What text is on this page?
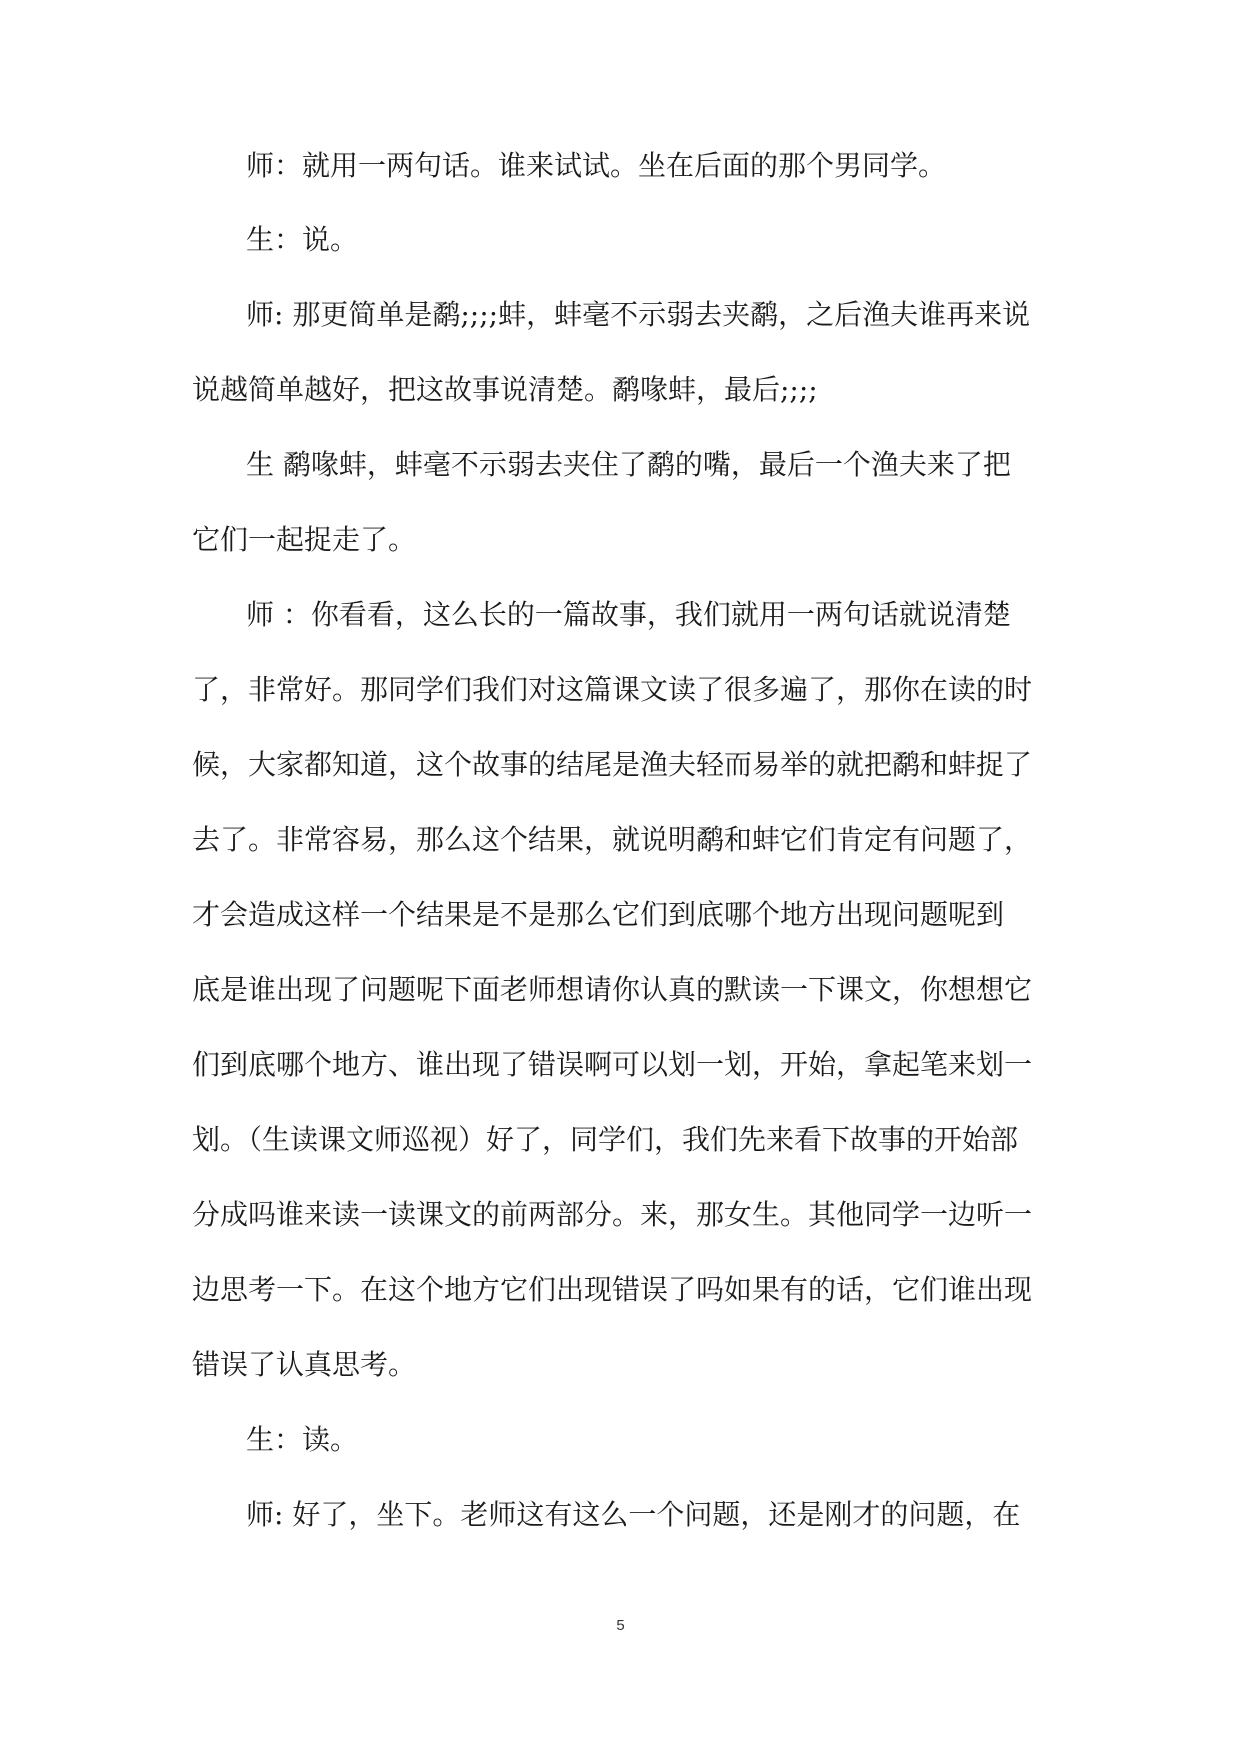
师：就用一两句话。谁来试试。坐在后面的那个男同学。
生：说。
师: 那更简单是鹬;;;;蚌，蚌毫不示弱去夹鹬，之后渔夫谁再来说
说越简单越好，把这故事说清楚。鹬喙蚌，最后;;;;
生 鹬喙蚌，蚌毫不示弱去夹住了鹬的嘴，最后一个渔夫来了把
它们一起捉走了。
师 ：你看看，这么长的一篇故事，我们就用一两句话就说清楚
了，非常好。那同学们我们对这篇课文读了很多遍了，那你在读的时
候，大家都知道，这个故事的结尾是渔夫轻而易举的就把鹬和蚌捉了
去了。非常容易，那么这个结果，就说明鹬和蚌它们肯定有问题了，
才会造成这样一个结果是不是那么它们到底哪个地方出现问题呢到
底是谁出现了问题呢下面老师想请你认真的默读一下课文，你想想它
们到底哪个地方、谁出现了错误啊可以划一划，开始，拿起笔来划一
划。（生读课文师巡视）好了，同学们，我们先来看下故事的开始部
分成吗谁来读一读课文的前两部分。来，那女生。其他同学一边听一
边思考一下。在这个地方它们出现错误了吗如果有的话，它们谁出现
错误了认真思考。
生：读。
师: 好了，坐下。老师这有这么一个问题，还是刚才的问题，在
5
